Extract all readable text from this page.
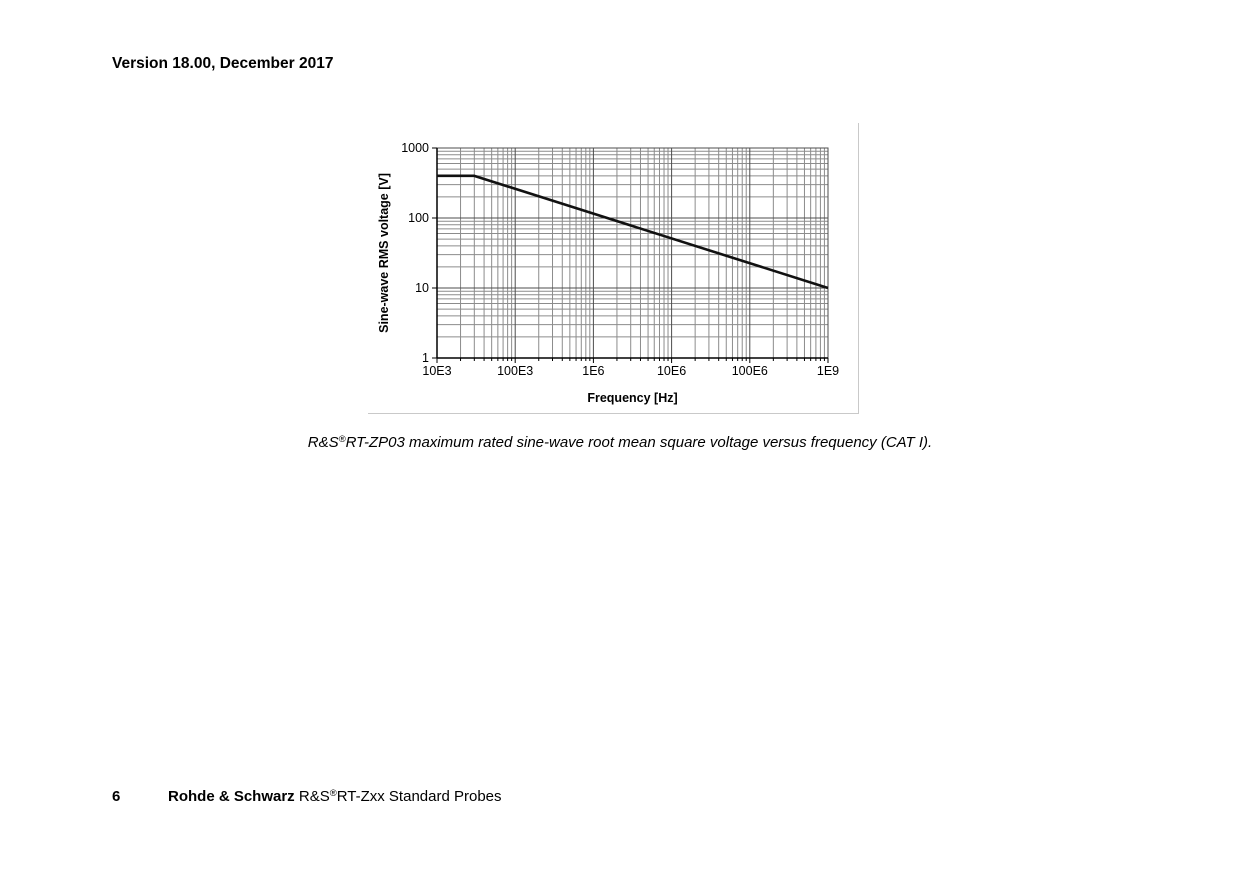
Version 18.00, December 2017
10E3	100E3	1E6	10E6	100E6	1E9
1
10
100
1000
Frequency [Hz]
Sine-wave RMS voltage [V]
R&S®RT-ZP03 maximum rated sine-wave root mean square voltage versus frequency (CAT I).
6	Rohde & Schwarz R&S®RT-Zxx Standard Probes
